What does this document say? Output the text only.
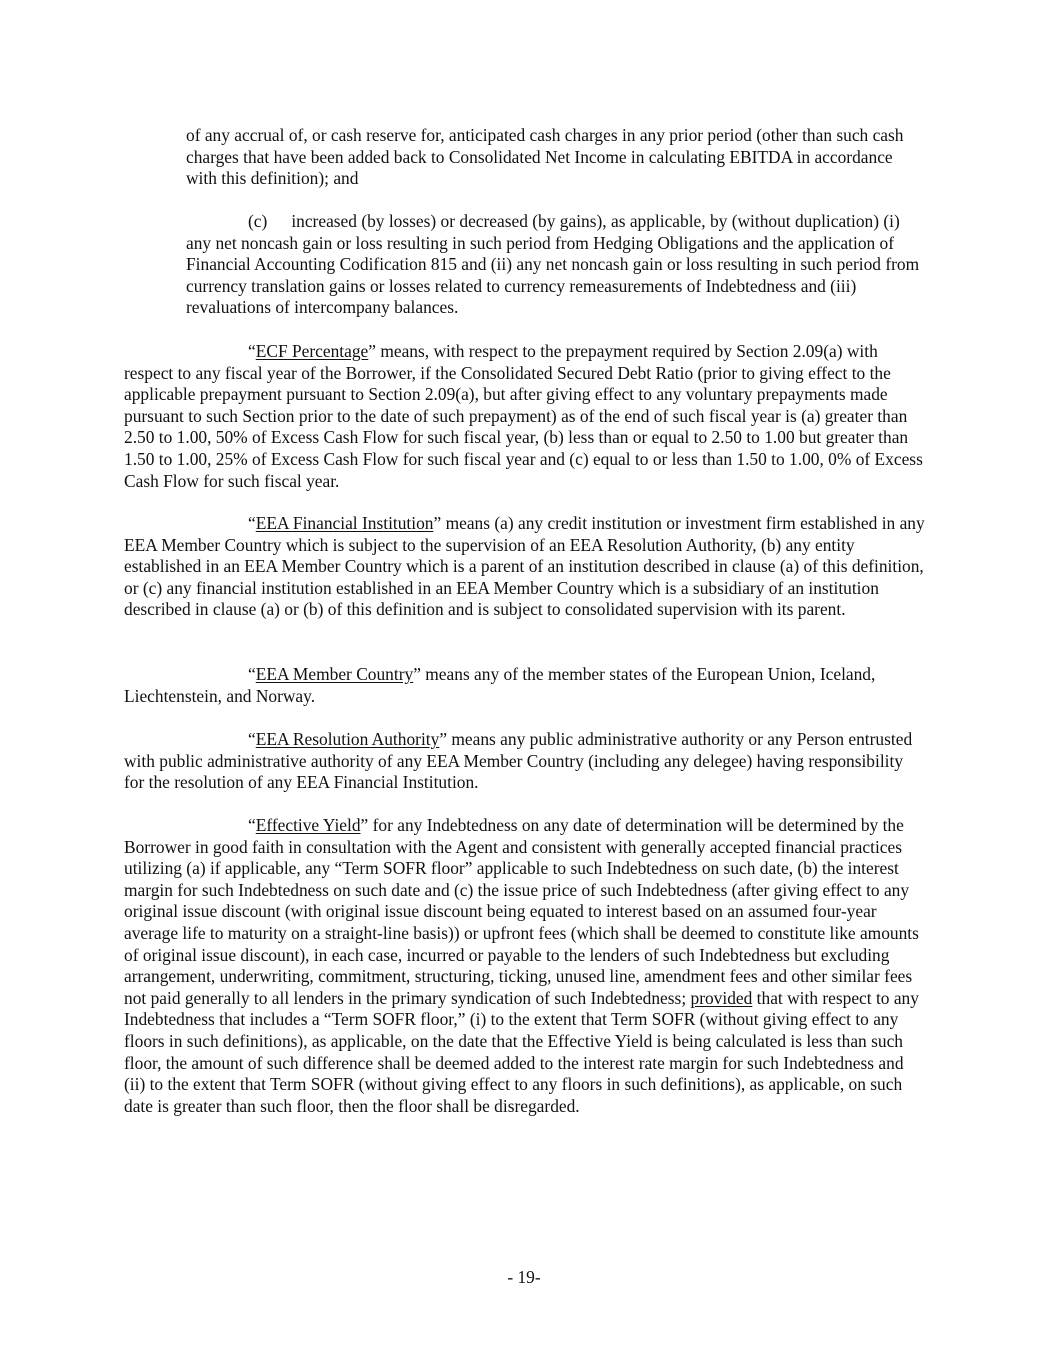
of any accrual of, or cash reserve for, anticipated cash charges in any prior period (other than such cash charges that have been added back to Consolidated Net Income in calculating EBITDA in accordance with this definition); and

(c) increased (by losses) or decreased (by gains), as applicable, by (without duplication) (i) any net noncash gain or loss resulting in such period from Hedging Obligations and the application of Financial Accounting Codification 815 and (ii) any net noncash gain or loss resulting in such period from currency translation gains or losses related to currency remeasurements of Indebtedness and (iii) revaluations of intercompany balances.

“ECF Percentage” means, with respect to the prepayment required by Section 2.09(a) with respect to any fiscal year of the Borrower, if the Consolidated Secured Debt Ratio (prior to giving effect to the applicable prepayment pursuant to Section 2.09(a), but after giving effect to any voluntary prepayments made pursuant to such Section prior to the date of such prepayment) as of the end of such fiscal year is (a) greater than 2.50 to 1.00, 50% of Excess Cash Flow for such fiscal year, (b) less than or equal to 2.50 to 1.00 but greater than 1.50 to 1.00, 25% of Excess Cash Flow for such fiscal year and (c) equal to or less than 1.50 to 1.00, 0% of Excess Cash Flow for such fiscal year.

“EEA Financial Institution” means (a) any credit institution or investment firm established in any EEA Member Country which is subject to the supervision of an EEA Resolution Authority, (b) any entity established in an EEA Member Country which is a parent of an institution described in clause (a) of this definition, or (c) any financial institution established in an EEA Member Country which is a subsidiary of an institution described in clause (a) or (b) of this definition and is subject to consolidated supervision with its parent.

“EEA Member Country” means any of the member states of the European Union, Iceland, Liechtenstein, and Norway.

“EEA Resolution Authority” means any public administrative authority or any Person entrusted with public administrative authority of any EEA Member Country (including any delegee) having responsibility for the resolution of any EEA Financial Institution.

“Effective Yield” for any Indebtedness on any date of determination will be determined by the Borrower in good faith in consultation with the Agent and consistent with generally accepted financial practices utilizing (a) if applicable, any “Term SOFR floor” applicable to such Indebtedness on such date, (b) the interest margin for such Indebtedness on such date and (c) the issue price of such Indebtedness (after giving effect to any original issue discount (with original issue discount being equated to interest based on an assumed four-year average life to maturity on a straight-line basis)) or upfront fees (which shall be deemed to constitute like amounts of original issue discount), in each case, incurred or payable to the lenders of such Indebtedness but excluding arrangement, underwriting, commitment, structuring, ticking, unused line, amendment fees and other similar fees not paid generally to all lenders in the primary syndication of such Indebtedness; provided that with respect to any Indebtedness that includes a “Term SOFR floor,” (i) to the extent that Term SOFR (without giving effect to any floors in such definitions), as applicable, on the date that the Effective Yield is being calculated is less than such floor, the amount of such difference shall be deemed added to the interest rate margin for such Indebtedness and (ii) to the extent that Term SOFR (without giving effect to any floors in such definitions), as applicable, on such date is greater than such floor, then the floor shall be disregarded.

- 19-
